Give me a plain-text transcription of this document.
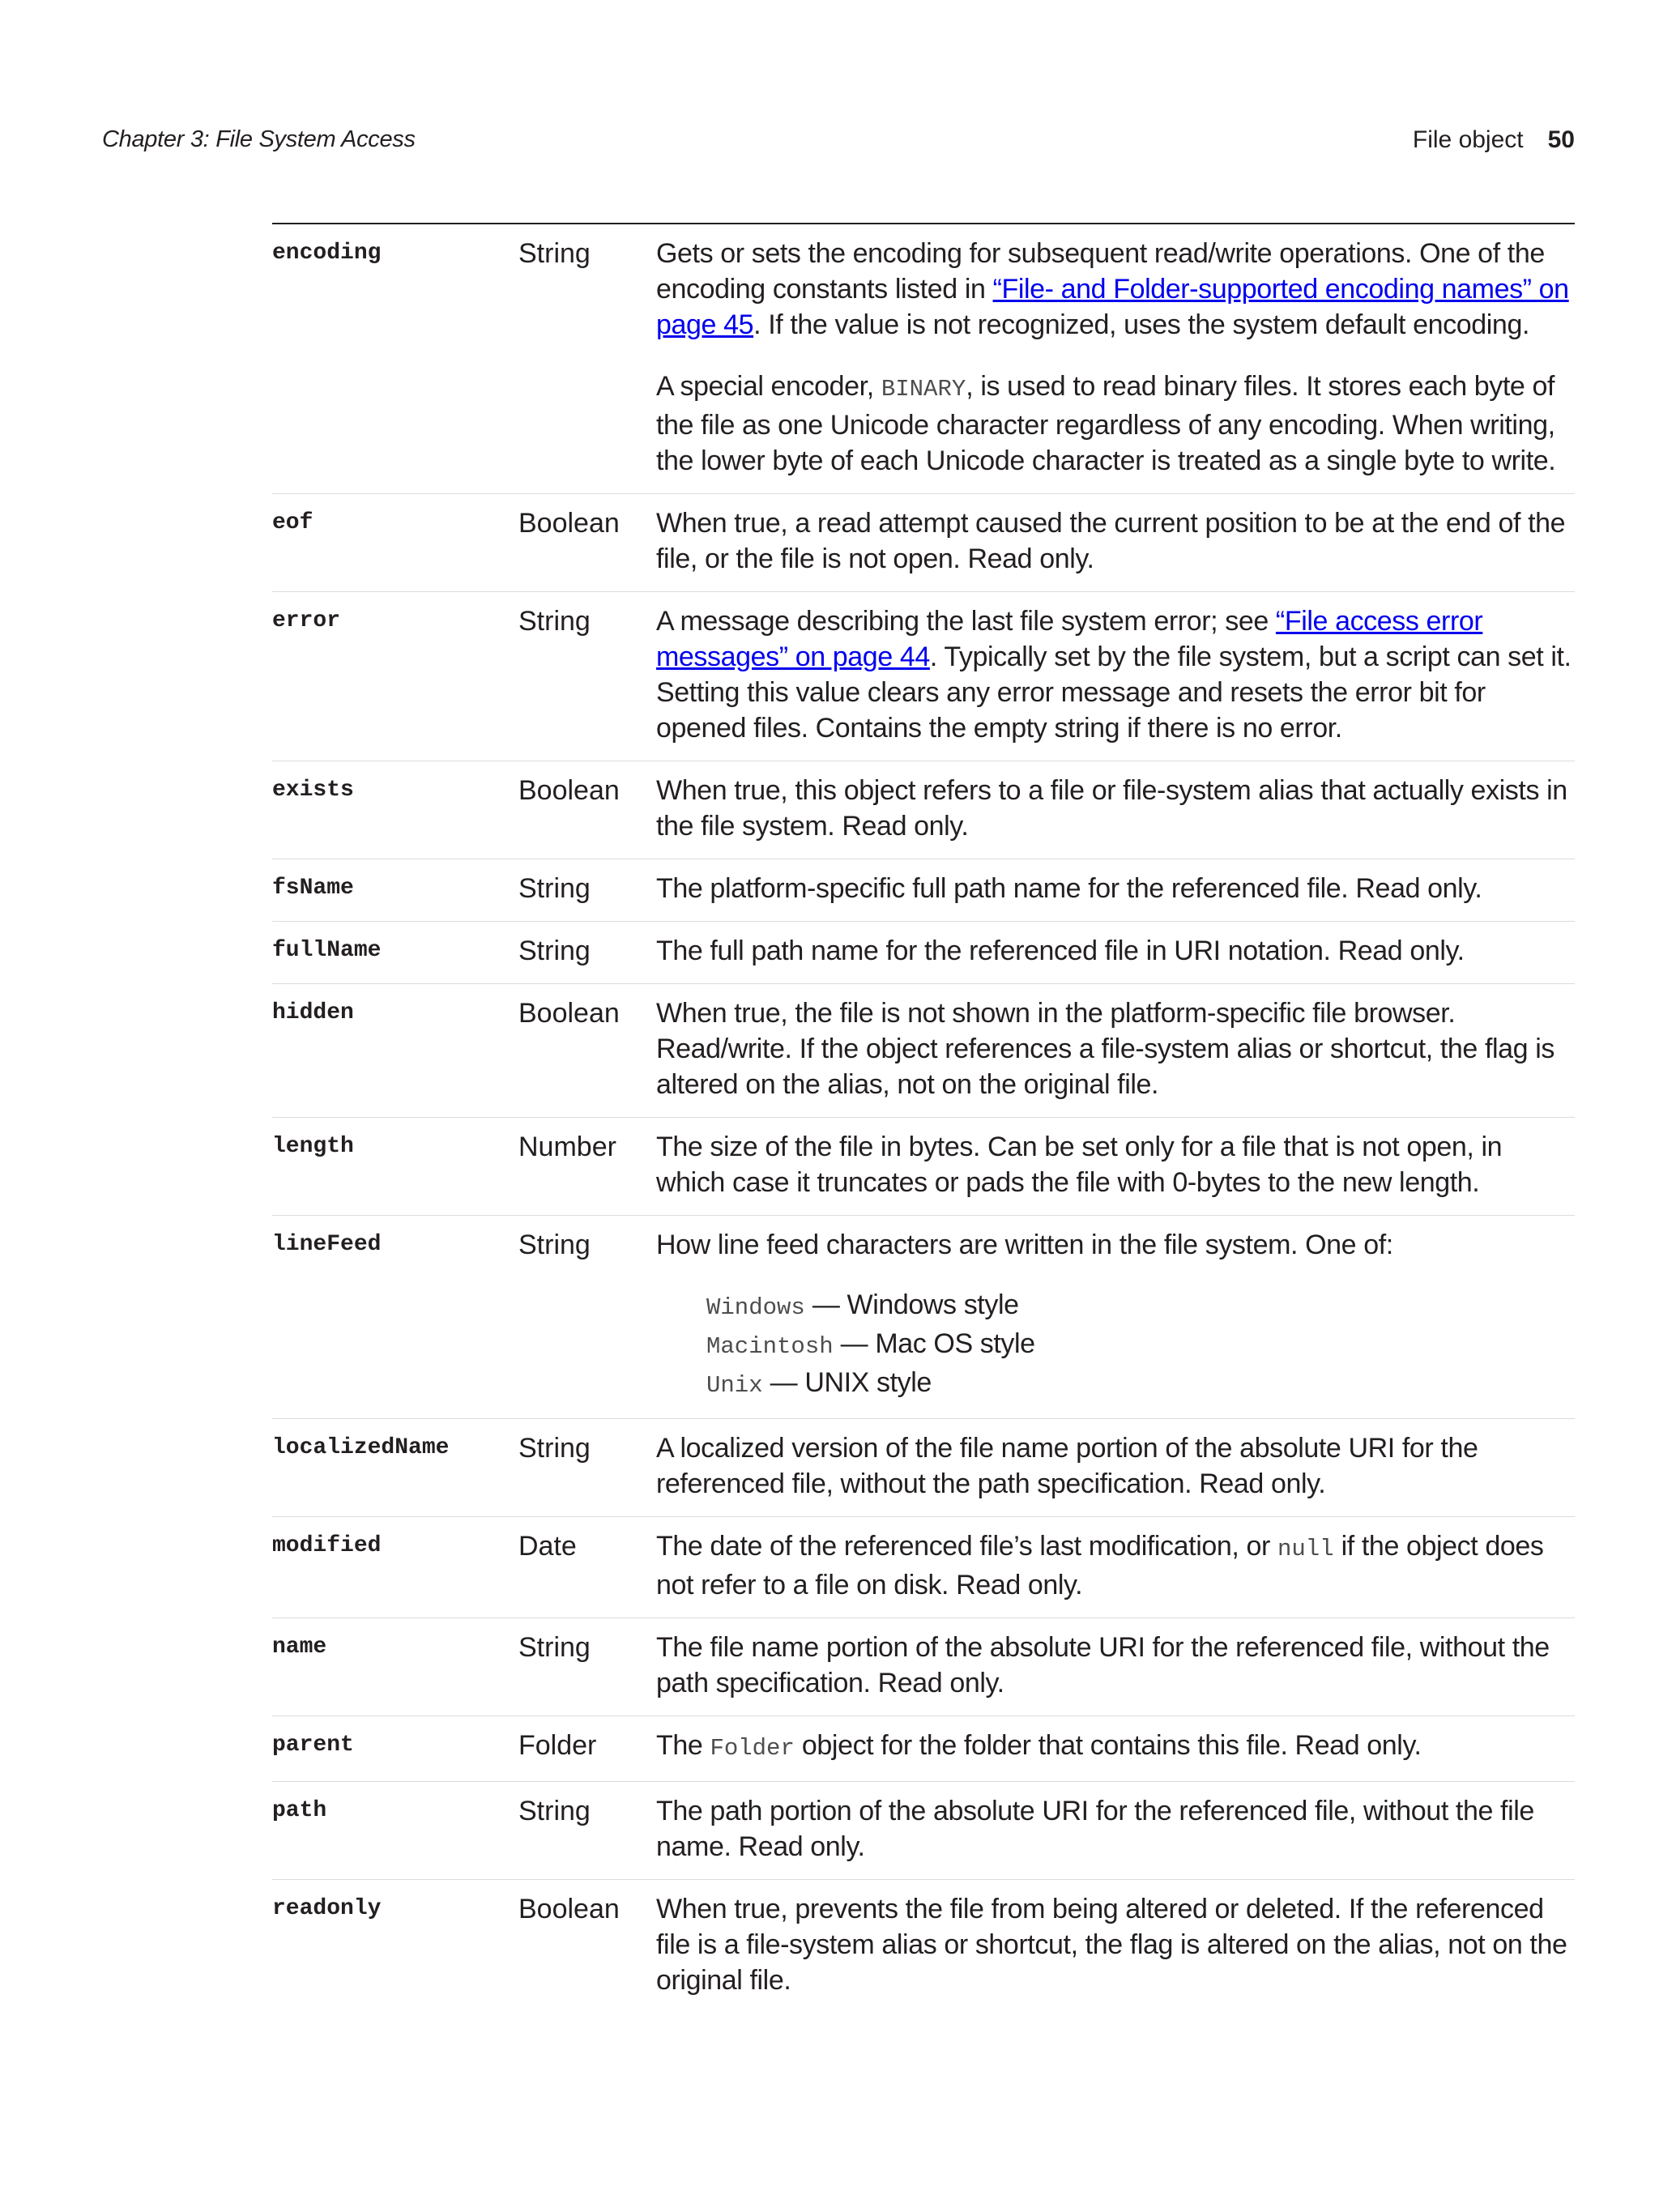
Chapter 3: File System Access	File object 50
encoding	String	Gets or sets the encoding for subsequent read/write operations. One of the encoding constants listed in “File- and Folder-supported encoding names” on page 45. If the value is not recognized, uses the system default encoding.

A special encoder, BINARY, is used to read binary files. It stores each byte of the file as one Unicode character regardless of any encoding. When writing, the lower byte of each Unicode character is treated as a single byte to write.

eof	Boolean	When true, a read attempt caused the current position to be at the end of the file, or the file is not open. Read only.
error	String	A message describing the last file system error; see “File access error messages” on page 44. Typically set by the file system, but a script can set it. Setting this value clears any error message and resets the error bit for opened files. Contains the empty string if there is no error.
exists	Boolean	When true, this object refers to a file or file-system alias that actually exists in the file system. Read only.
fsName	String	The platform-specific full path name for the referenced file. Read only.
fullName	String	The full path name for the referenced file in URI notation. Read only.
hidden	Boolean	When true, the file is not shown in the platform-specific file browser. Read/write. If the object references a file-system alias or shortcut, the flag is altered on the alias, not on the original file.
length	Number	The size of the file in bytes. Can be set only for a file that is not open, in which case it truncates or pads the file with 0-bytes to the new length.
lineFeed	String	How line feed characters are written in the file system. One of:

Windows — Windows style
Macintosh — Mac OS style
Unix — UNIX style
localizedName	String	A localized version of the file name portion of the absolute URI for the referenced file, without the path specification. Read only.
modified	Date	The date of the referenced file’s last modification, or null if the object does not refer to a file on disk. Read only.
name	String	The file name portion of the absolute URI for the referenced file, without the path specification. Read only.
parent	Folder	The Folder object for the folder that contains this file. Read only.
path	String	The path portion of the absolute URI for the referenced file, without the file name. Read only.
readonly	Boolean	When true, prevents the file from being altered or deleted. If the referenced file is a file-system alias or shortcut, the flag is altered on the alias, not on the original file.
